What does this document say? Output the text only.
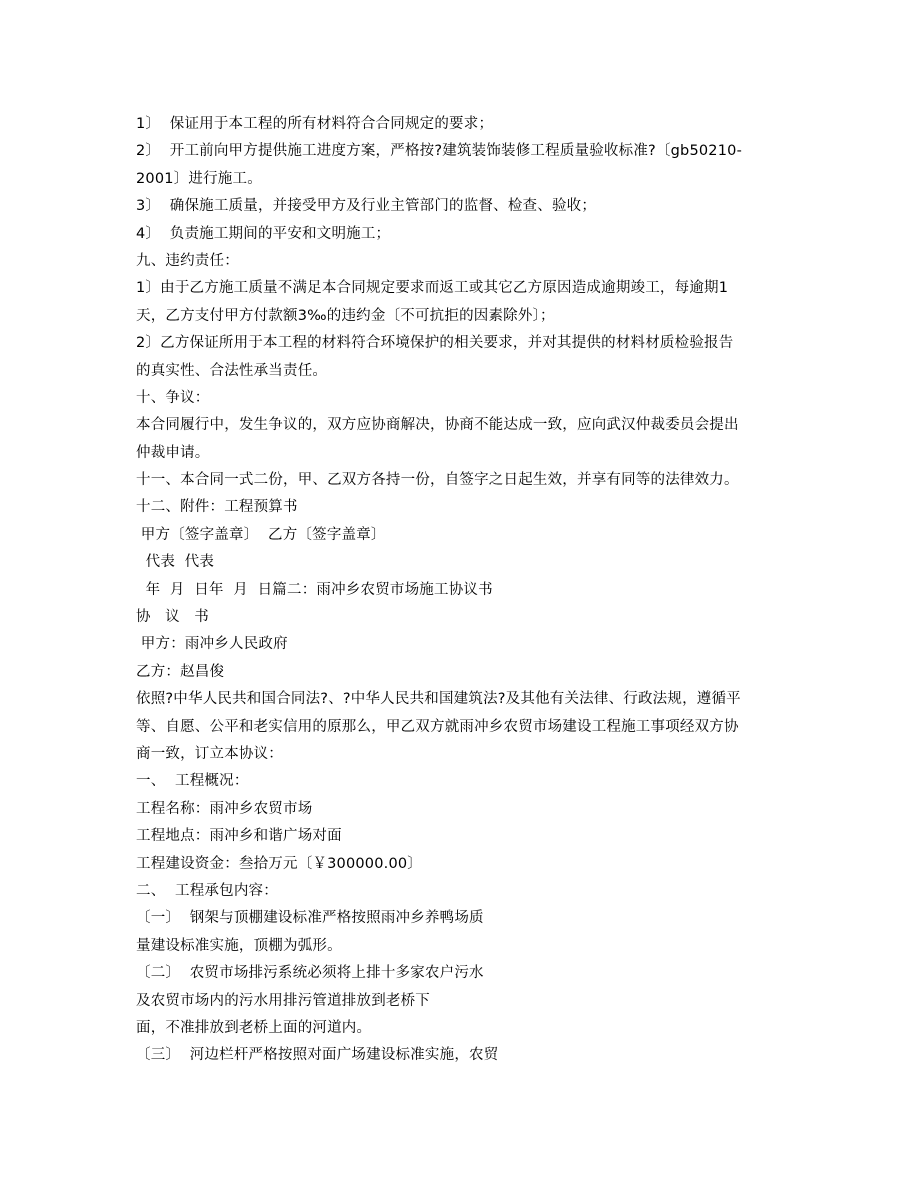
1〕  保证用于本工程的所有材料符合合同规定的要求；
2〕  开工前向甲方提供施工进度方案，严格按?建筑装饰装修工程质量验收标准?〔gb50210-
2001〕进行施工。
3〕  确保施工质量，并接受甲方及行业主管部门的监督、检查、验收；
4〕  负责施工期间的平安和文明施工；
九、违约责任：
1〕由于乙方施工质量不满足本合同规定要求而返工或其它乙方原因造成逾期竣工，每逾期1
天，乙方支付甲方付款额3‰的违约金〔不可抗拒的因素除外〕；
2〕乙方保证所用于本工程的材料符合环境保护的相关要求，并对其提供的材料材质检验报告
的真实性、合法性承当责任。
十、争议：
本合同履行中，发生争议的，双方应协商解决，协商不能达成一致，应向武汉仲裁委员会提出
仲裁申请。
十一、本合同一式二份，甲、乙双方各持一份，自签字之日起生效，并享有同等的法律效力。
十二、附件：工程预算书
甲方〔签字盖章〕  乙方〔签字盖章〕
代表  代表
年  月  日年  月  日篇二：雨冲乡农贸市场施工协议书
协   议   书
甲方：雨冲乡人民政府
乙方：赵昌俊
依照?中华人民共和国合同法?、?中华人民共和国建筑法?及其他有关法律、行政法规，遵循平
等、自愿、公平和老实信用的原那么，甲乙双方就雨冲乡农贸市场建设工程施工事项经双方协
商一致，订立本协议：
一、  工程概况：
工程名称：雨冲乡农贸市场
工程地点：雨冲乡和谐广场对面
工程建设资金：叁拾万元〔￥300000.00〕
二、  工程承包内容：
〔一〕  钢架与顶棚建设标准严格按照雨冲乡养鸭场质
量建设标准实施，顶棚为弧形。
〔二〕  农贸市场排污系统必须将上排十多家农户污水
及农贸市场内的污水用排污管道排放到老桥下
面，不准排放到老桥上面的河道内。
〔三〕  河边栏杆严格按照对面广场建设标准实施，农贸
